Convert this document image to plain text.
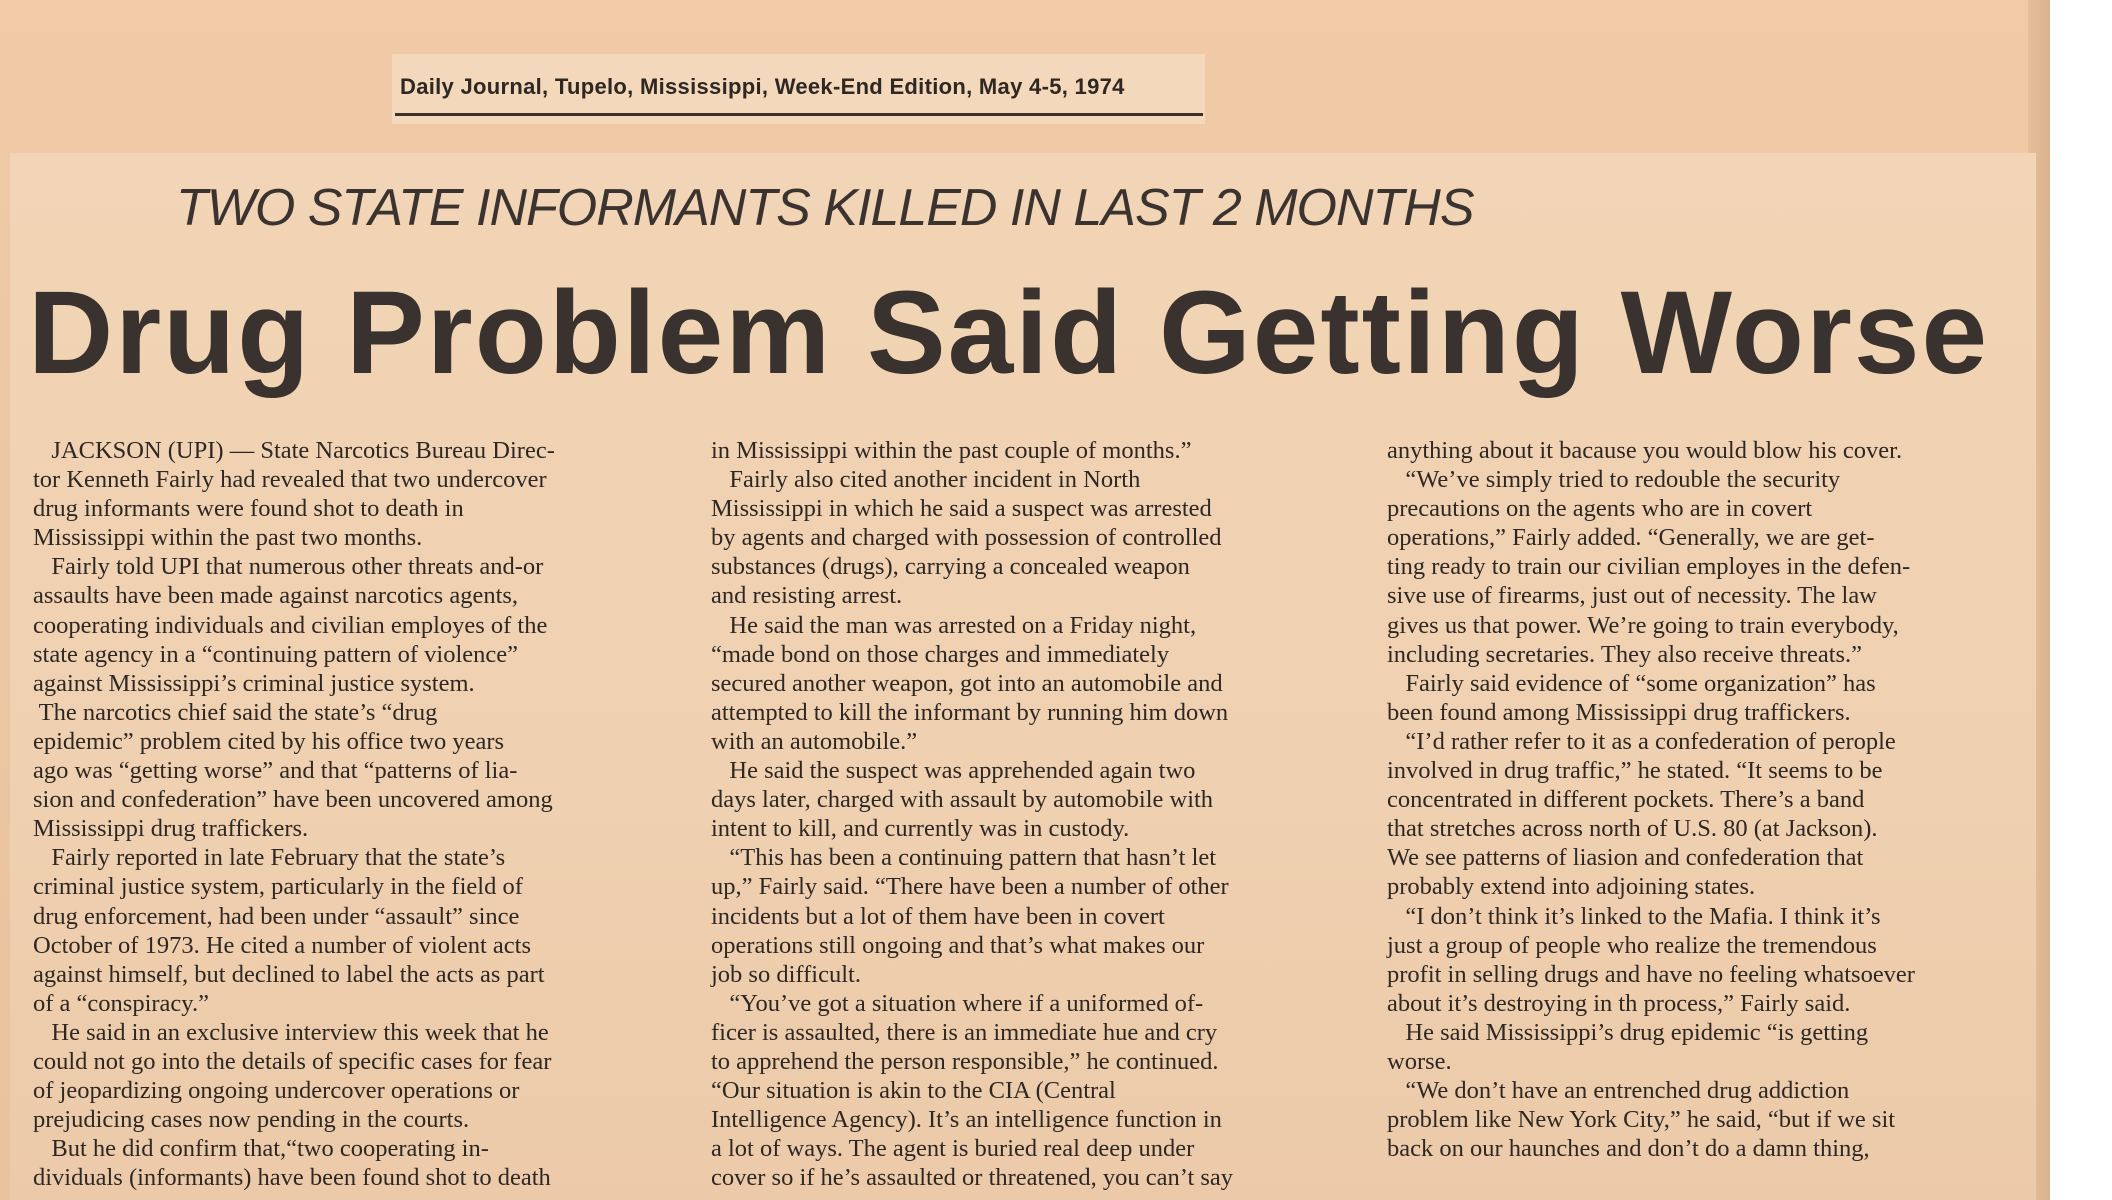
Daily Journal, Tupelo, Mississippi, Week-End Edition, May 4-5, 1974
TWO STATE INFORMANTS KILLED IN LAST 2 MONTHS
Drug Problem Said Getting Worse
JACKSON (UPI) — State Narcotics Bureau Direc-
tor Kenneth Fairly had revealed that two undercover
drug informants were found shot to death in
Mississippi within the past two months.
Fairly told UPI that numerous other threats and-or
assaults have been made against narcotics agents,
cooperating individuals and civilian employes of the
state agency in a “continuing pattern of violence”
against Mississippi’s criminal justice system.
The narcotics chief said the state’s “drug
epidemic” problem cited by his office two years
ago was “getting worse” and that “patterns of lia-
sion and confederation” have been uncovered among
Mississippi drug traffickers.
Fairly reported in late February that the state’s
criminal justice system, particularly in the field of
drug enforcement, had been under “assault” since
October of 1973. He cited a number of violent acts
against himself, but declined to label the acts as part
of a “conspiracy.”
He said in an exclusive interview this week that he
could not go into the details of specific cases for fear
of jeopardizing ongoing undercover operations or
prejudicing cases now pending in the courts.
But he did confirm that,“two cooperating in-
dividuals (informants) have been found shot to death
in Mississippi within the past couple of months.”
Fairly also cited another incident in North
Mississippi in which he said a suspect was arrested
by agents and charged with possession of controlled
substances (drugs), carrying a concealed weapon
and resisting arrest.
He said the man was arrested on a Friday night,
“made bond on those charges and immediately
secured another weapon, got into an automobile and
attempted to kill the informant by running him down
with an automobile.”
He said the suspect was apprehended again two
days later, charged with assault by automobile with
intent to kill, and currently was in custody.
“This has been a continuing pattern that hasn’t let
up,” Fairly said. “There have been a number of other
incidents but a lot of them have been in covert
operations still ongoing and that’s what makes our
job so difficult.
“You’ve got a situation where if a uniformed of-
ficer is assaulted, there is an immediate hue and cry
to apprehend the person responsible,” he continued.
“Our situation is akin to the CIA (Central
Intelligence Agency). It’s an intelligence function in
a lot of ways. The agent is buried real deep under
cover so if he’s assaulted or threatened, you can’t say
anything about it bacause you would blow his cover.
“We’ve simply tried to redouble the security
precautions on the agents who are in covert
operations,” Fairly added. “Generally, we are get-
ting ready to train our civilian employes in the defen-
sive use of firearms, just out of necessity. The law
gives us that power. We’re going to train everybody,
including secretaries. They also receive threats.”
Fairly said evidence of “some organization” has
been found among Mississippi drug traffickers.
“I’d rather refer to it as a confederation of perople
involved in drug traffic,” he stated. “It seems to be
concentrated in different pockets. There’s a band
that stretches across north of U.S. 80 (at Jackson).
We see patterns of liasion and confederation that
probably extend into adjoining states.
“I don’t think it’s linked to the Mafia. I think it’s
just a group of people who realize the tremendous
profit in selling drugs and have no feeling whatsoever
about it’s destroying in th process,” Fairly said.
He said Mississippi’s drug epidemic “is getting
worse.
“We don’t have an entrenched drug addiction
problem like New York City,” he said, “but if we sit
back on our haunches and don’t do a damn thing,
